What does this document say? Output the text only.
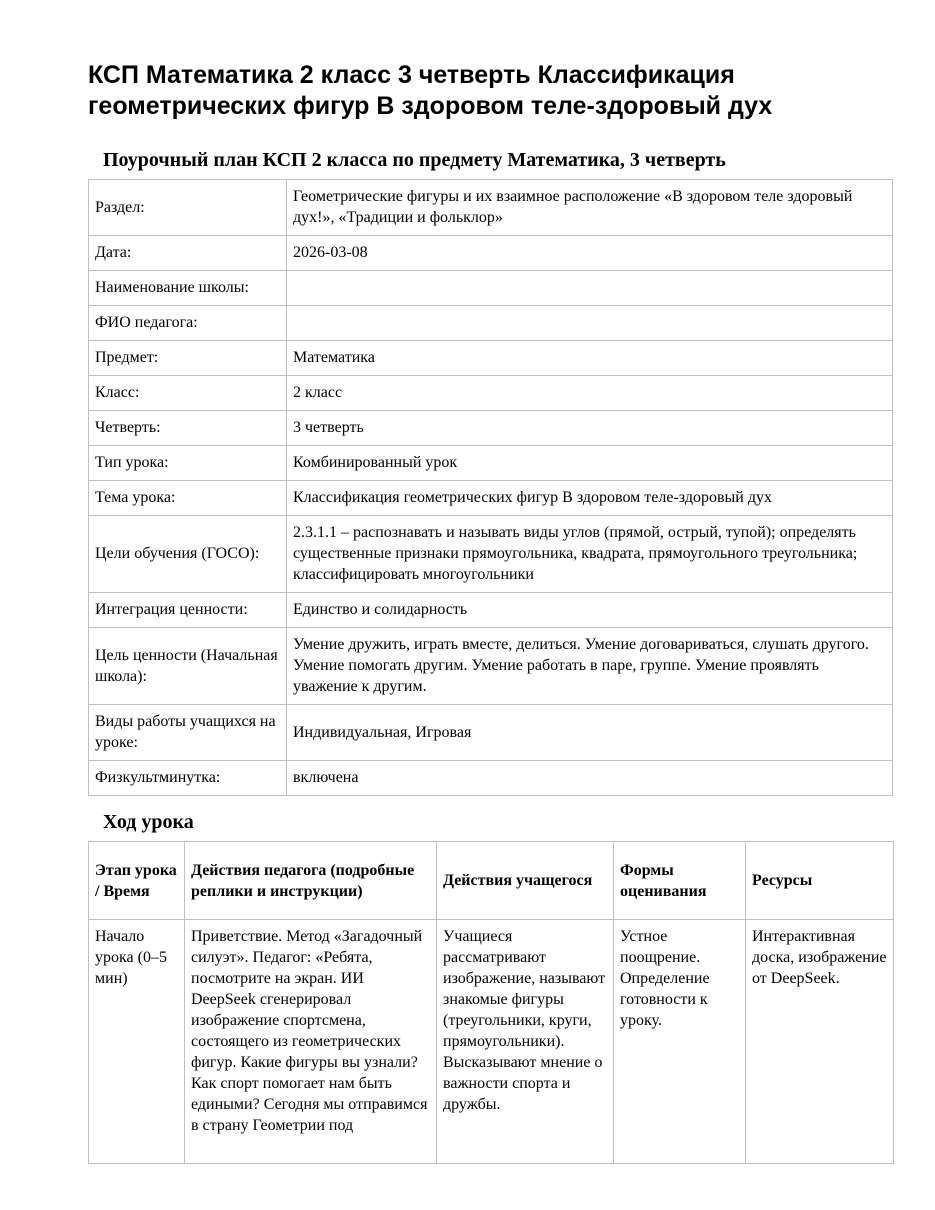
КСП Математика 2 класс 3 четверть Классификация геометрических фигур В здоровом теле-здоровый дух
Поурочный план КСП 2 класса по предмету Математика, 3 четверть
Раздел:	Геометрические фигуры и их взаимное расположение «В здоровом теле здоровый дух!», «Традиции и фольклор»
Дата:	2026-03-08
Наименование школы:	
ФИО педагога:	
Предмет:	Математика
Класс:	2 класс
Четверть:	3 четверть
Тип урока:	Комбинированный урок
Тема урока:	Классификация геометрических фигур В здоровом теле-здоровый дух
Цели обучения (ГОСО):	2.3.1.1 – распознавать и называть виды углов (прямой, острый, тупой); определять существенные признаки прямоугольника, квадрата, прямоугольного треугольника; классифицировать многоугольники
Интеграция ценности:	Единство и солидарность
Цель ценности (Начальная школа):	Умение дружить, играть вместе, делиться. Умение договариваться, слушать другого. Умение помогать другим. Умение работать в паре, группе. Умение проявлять уважение к другим.
Виды работы учащихся на уроке:	Индивидуальная, Игровая
Физкультминутка:	включена
Ход урока
Этап урока / Время	Действия педагога (подробные реплики и инструкции)	Действия учащегося	Формы оценивания	Ресурсы
Начало урока (0–5 мин)	Приветствие. Метод «Загадочный силуэт». Педагог: «Ребята, посмотрите на экран. ИИ DeepSeek сгенерировал изображение спортсмена, состоящего из геометрических фигур. Какие фигуры вы узнали? Как спорт помогает нам быть едиными? Сегодня мы отправимся в страну Геометрии под	Учащиеся рассматривают изображение, называют знакомые фигуры (треугольники, круги, прямоугольники). Высказывают мнение о важности спорта и дружбы.	Устное поощрение. Определение готовности к уроку.	Интерактивная доска, изображение от DeepSeek.
